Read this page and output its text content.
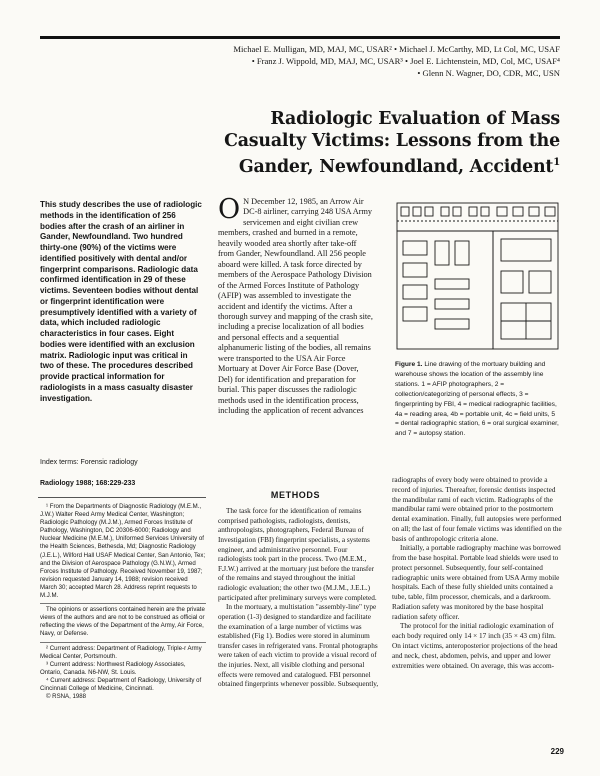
Michael E. Mulligan, MD, MAJ, MC, USAR² • Michael J. McCarthy, MD, Lt Col, MC, USAF
• Franz J. Wippold, MD, MAJ, MC, USAR³ • Joel E. Lichtenstein, MD, Col, MC, USAF⁴
• Glenn N. Wagner, DO, CDR, MC, USN
Radiologic Evaluation of Mass
Casualty Victims: Lessons from the
Gander, Newfoundland, Accident$^1$
This study describes the use of radiologic methods in the identification of 256 bodies after the crash of an airliner in Gander, Newfoundland. Two hundred thirty-one (90%) of the victims were identified positively with dental and/or fingerprint comparisons. Radiologic data confirmed identification in 29 of these victims. Seventeen bodies without dental or fingerprint identification were presumptively identified with a variety of data, which included radiologic characteristics in four cases. Eight bodies were identified with an exclusion matrix. Radiologic input was critical in two of these. The procedures described provide practical information for radiologists in a mass casualty disaster investigation.
Index terms: Forensic radiology
Radiology 1988; 168:229-233
O N December 12, 1985, an Arrow Air DC-8 airliner, carrying 248 USA Army servicemen and eight civilian crew members, crashed and burned in a remote, heavily wooded area shortly after take-off from Gander, Newfoundland. All 256 people aboard were killed. A task force directed by members of the Aerospace Pathology Division of the Armed Forces Institute of Pathology (AFIP) was assembled to investigate the accident and identify the victims. After a thorough survey and mapping of the crash site, including a precise localization of all bodies and personal effects and a sequential alphanumeric listing of the bodies, all remains were transported to the USA Air Force Mortuary at Dover Air Force Base (Dover, Del) for identification and preparation for burial. This paper discusses the radiologic methods used in the identification process, including the application of recent advances
Figure 1. Line drawing of the mortuary building and warehouse shows the location of the assembly line stations. 1 = AFIP photographers, 2 = collection/categorizing of personal effects, 3 = fingerprinting by FBI, 4 = medical radiographic facilities, 4a = reading area, 4b = portable unit, 4c = field units, 5 = dental radiographic station, 6 = oral surgical examiner, and 7 = autopsy station.

¹ From the Departments of Diagnostic Radiology (M.E.M., J.W.) Walter Reed Army Medical Center, Washington; Radiologic Pathology (M.J.M.), Armed Forces Institute of Pathology, Washington, DC 20306-6000; Radiology and Nuclear Medicine (M.E.M.), Uniformed Services University of the Health Sciences, Bethesda, Md; Diagnostic Radiology (J.E.L.), Wilford Hall USAF Medical Center, San Antonio, Tex; and the Division of Aerospace Pathology (G.N.W.), Armed Forces Institute of Pathology. Received November 19, 1987; revision requested January 14, 1988; revision received March 30; accepted March 28. Address reprint requests to M.J.M.

The opinions or assertions contained herein are the private views of the authors and are not to be construed as official or reflecting the views of the Department of the Army, Air Force, Navy, or Defense.

² Current address: Department of Radiology, Triple-r Army Medical Center, Portsmouth.

³ Current address: Northwest Radiology Associates, Ontario, Canada. N6-NW, St. Louis.

⁴ Current address: Department of Radiology, University of Cincinnati College of Medicine, Cincinnati.

© RSNA, 1988

METHODS

The task force for the identification of remains comprised pathologists, radiologists, dentists, anthropologists, photographers, Federal Bureau of Investigation (FBI) fingerprint specialists, a systems engineer, and administrative personnel. Four radiologists took part in the process. Two (M.E.M., F.J.W.) arrived at the mortuary just before the transfer of the remains and stayed throughout the initial radiologic evaluation; the other two (M.J.M., J.E.L.) participated after preliminary surveys were completed.

In the mortuary, a multistation "assembly-line" type operation (1-3) designed to standardize and facilitate the examination of a large number of victims was established (Fig 1). Bodies were stored in aluminum transfer cases in refrigerated vans. Frontal photographs were taken of each victim to provide a visual record of the injuries. Next, all visible clothing and personal effects were removed and catalogued. FBI personnel obtained fingerprints whenever possible. Subsequently,

radiographs of every body were obtained to provide a record of injuries. Thereafter, forensic dentists inspected the mandibular rami of each victim. Radiographs of the mandibular rami were obtained prior to the postmortem dental examination. Finally, full autopsies were performed on all; the last of four female victims was identified on the basis of anthropologic criteria alone.

Initially, a portable radiography machine was borrowed from the base hospital. Portable lead shields were used to protect personnel. Subsequently, four self-contained radiographic units were obtained from USA Army mobile hospitals. Each of these fully shielded units contained a tube, table, film processor, chemicals, and a darkroom. Radiation safety was monitored by the base hospital radiation safety officer.

The protocol for the initial radiologic examination of each body required only 14 × 17 inch (35 × 43 cm) film. On intact victims, anteroposterior projections of the head and neck, chest, abdomen, pelvis, and upper and lower extremities were obtained. On average, this was accom-

229
